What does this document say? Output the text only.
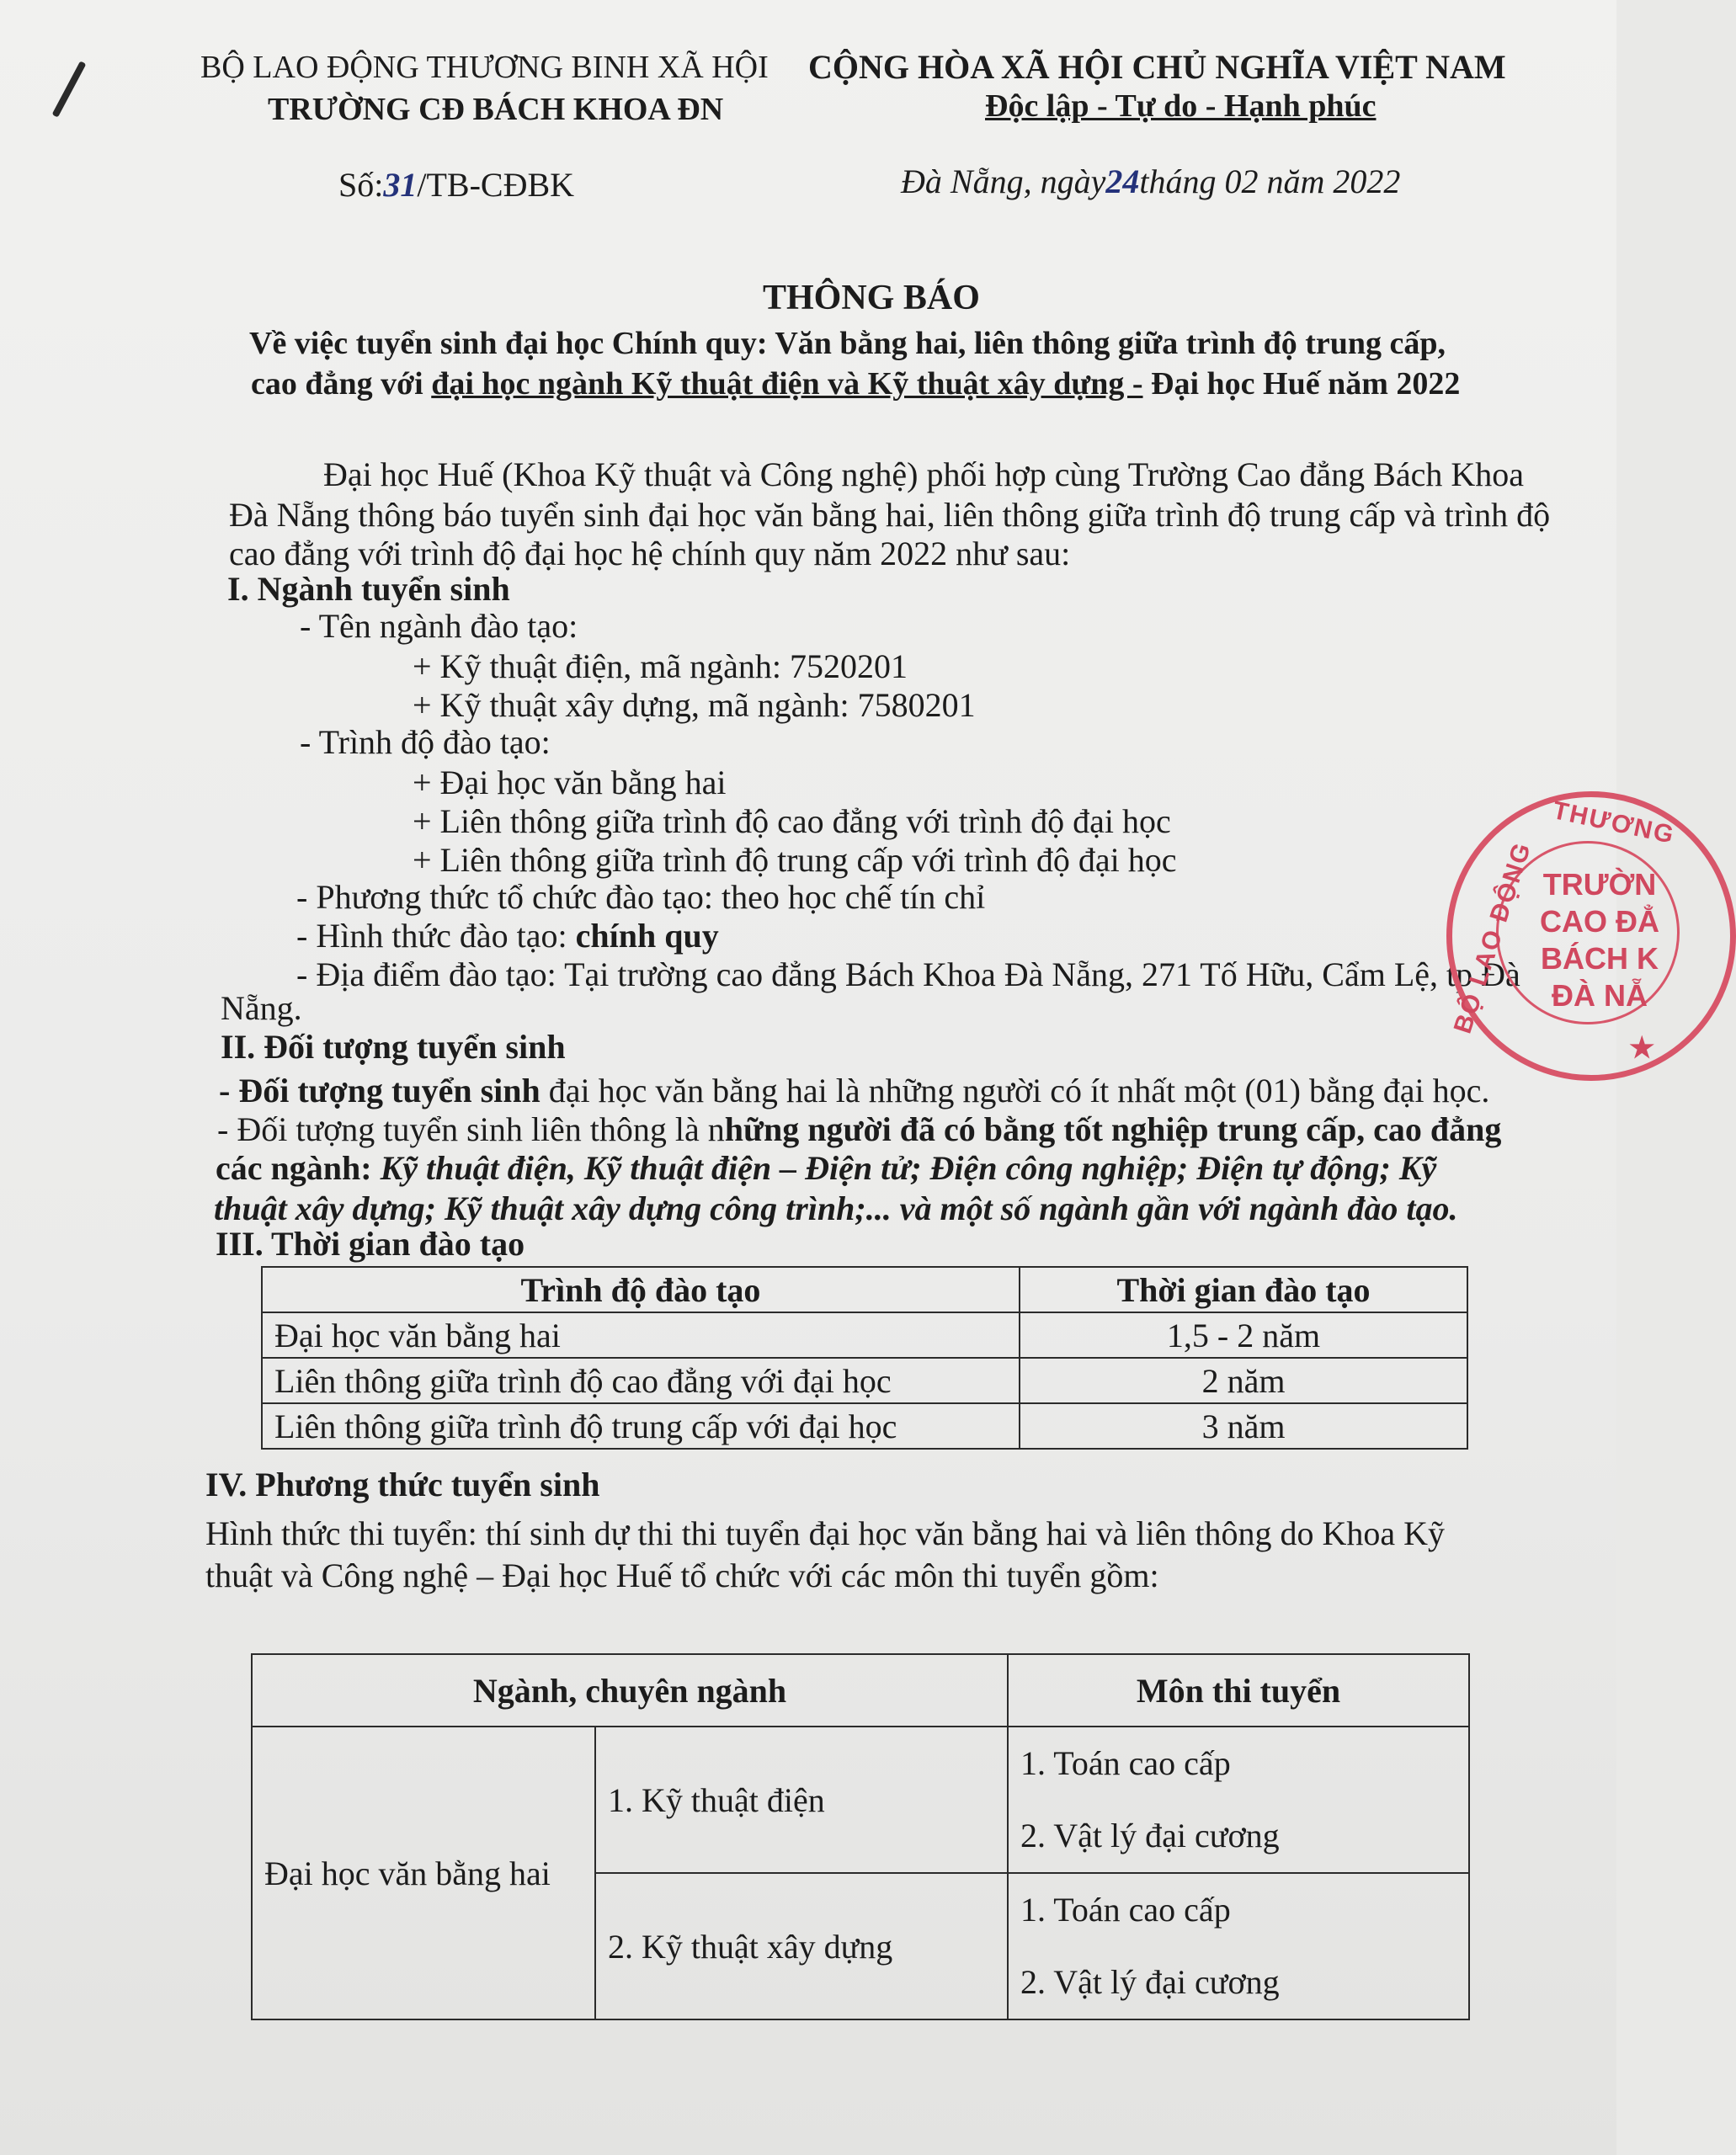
BỘ LAO ĐỘNG THƯƠNG BINH XÃ HỘI
TRƯỜNG CĐ BÁCH KHOA ĐN
CỘNG HÒA XÃ HỘI CHỦ NGHĨA VIỆT NAM
Độc lập - Tự do - Hạnh phúc
Số:31/TB-CĐBK	Đà Nẵng, ngày24tháng 02 năm 2022
THÔNG BÁO
Về việc tuyển sinh đại học Chính quy: Văn bằng hai, liên thông giữa trình độ trung cấp,
cao đẳng với đại học ngành Kỹ thuật điện và Kỹ thuật xây dựng - Đại học Huế năm 2022
Đại học Huế (Khoa Kỹ thuật và Công nghệ) phối hợp cùng Trường Cao đẳng Bách Khoa
Đà Nẵng thông báo tuyển sinh đại học văn bằng hai, liên thông giữa trình độ trung cấp và trình độ
cao đẳng với trình độ đại học hệ chính quy năm 2022 như sau:
I. Ngành tuyển sinh
- Tên ngành đào tạo:
+ Kỹ thuật điện, mã ngành: 7520201
+ Kỹ thuật xây dựng, mã ngành: 7580201
- Trình độ đào tạo:
+ Đại học văn bằng hai
+ Liên thông giữa trình độ cao đẳng với trình độ đại học
+ Liên thông giữa trình độ trung cấp với trình độ đại học
- Phương thức tổ chức đào tạo: theo học chế tín chỉ
- Hình thức đào tạo: chính quy
- Địa điểm đào tạo: Tại trường cao đẳng Bách Khoa Đà Nẵng, 271 Tố Hữu, Cẩm Lệ, tp Đà
Nẵng.
II. Đối tượng tuyển sinh
- Đối tượng tuyển sinh đại học văn bằng hai là những người có ít nhất một (01) bằng đại học.
- Đối tượng tuyển sinh liên thông là những người đã có bằng tốt nghiệp trung cấp, cao đẳng
các ngành: Kỹ thuật điện, Kỹ thuật điện – Điện tử; Điện công nghiệp; Điện tự động; Kỹ
thuật xây dựng; Kỹ thuật xây dựng công trình;... và một số ngành gần với ngành đào tạo.
III. Thời gian đào tạo
Trình độ đào tạo	Thời gian đào tạo
Đại học văn bằng hai	1,5 - 2 năm
Liên thông giữa trình độ cao đẳng với đại học	2 năm
Liên thông giữa trình độ trung cấp với đại học	3 năm
IV. Phương thức tuyển sinh
Hình thức thi tuyển: thí sinh dự thi thi tuyển đại học văn bằng hai và liên thông do Khoa Kỹ
thuật và Công nghệ – Đại học Huế tổ chức với các môn thi tuyển gồm:
Ngành, chuyên ngành		Môn thi tuyển
Đại học văn bằng hai	1. Kỹ thuật điện	1. Toán cao cấp
2. Vật lý đại cương

	2. Kỹ thuật xây dựng	1. Toán cao cấp
2. Vật lý đại cương
THƯƠNG
BỘ LAO ĐỘNG TRƯỜN
CAO ĐẲ
BÁCH K
ĐÀ NẴ
★
